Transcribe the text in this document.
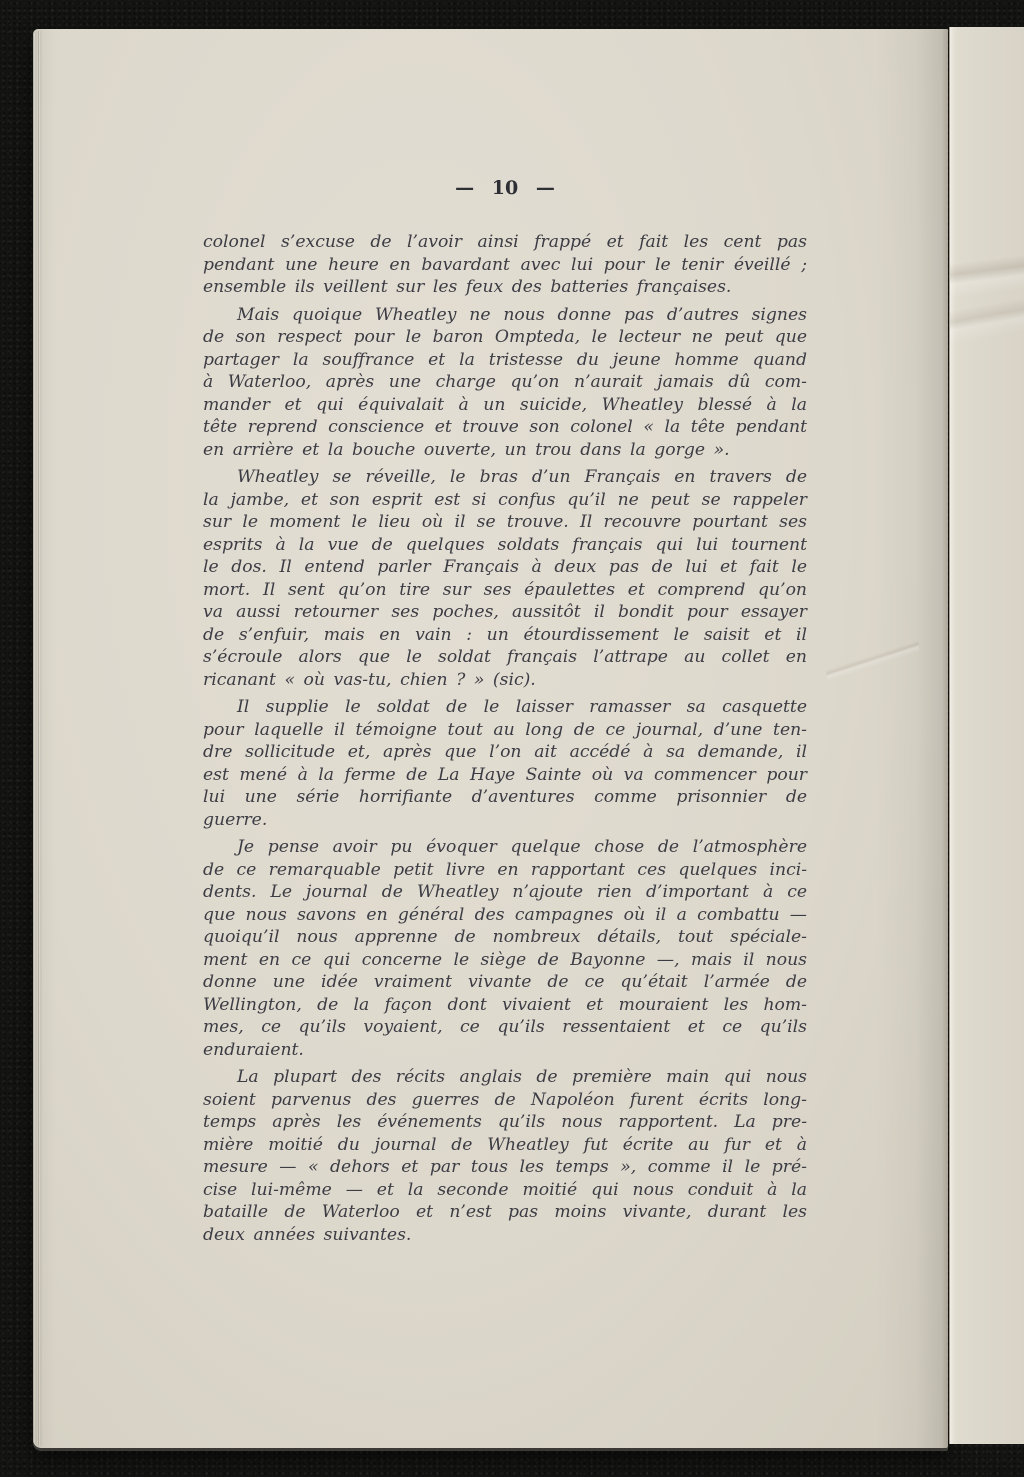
— 10 —
colonel s’excuse de l’avoir ainsi frappé et fait les cent pas
pendant une heure en bavardant avec lui pour le tenir éveillé ;
ensemble ils veillent sur les feux des batteries françaises.
Mais quoique Wheatley ne nous donne pas d’autres signes
de son respect pour le baron Ompteda, le lecteur ne peut que
partager la souffrance et la tristesse du jeune homme quand
à Waterloo, après une charge qu’on n’aurait jamais dû com-
mander et qui équivalait à un suicide, Wheatley blessé à la
tête reprend conscience et trouve son colonel « la tête pendant
en arrière et la bouche ouverte, un trou dans la gorge ».
Wheatley se réveille, le bras d’un Français en travers de
la jambe, et son esprit est si confus qu’il ne peut se rappeler
sur le moment le lieu où il se trouve. Il recouvre pourtant ses
esprits à la vue de quelques soldats français qui lui tournent
le dos. Il entend parler Français à deux pas de lui et fait le
mort. Il sent qu’on tire sur ses épaulettes et comprend qu’on
va aussi retourner ses poches, aussitôt il bondit pour essayer
de s’enfuir, mais en vain : un étourdissement le saisit et il
s’écroule alors que le soldat français l’attrape au collet en
ricanant « où vas-tu, chien ? » (sic).
Il supplie le soldat de le laisser ramasser sa casquette
pour laquelle il témoigne tout au long de ce journal, d’une ten-
dre sollicitude et, après que l’on ait accédé à sa demande, il
est mené à la ferme de La Haye Sainte où va commencer pour
lui une série horrifiante d’aventures comme prisonnier de
guerre.
Je pense avoir pu évoquer quelque chose de l’atmosphère
de ce remarquable petit livre en rapportant ces quelques inci-
dents. Le journal de Wheatley n’ajoute rien d’important à ce
que nous savons en général des campagnes où il a combattu —
quoiqu’il nous apprenne de nombreux détails, tout spéciale-
ment en ce qui concerne le siège de Bayonne —, mais il nous
donne une idée vraiment vivante de ce qu’était l’armée de
Wellington, de la façon dont vivaient et mouraient les hom-
mes, ce qu’ils voyaient, ce qu’ils ressentaient et ce qu’ils
enduraient.
La plupart des récits anglais de première main qui nous
soient parvenus des guerres de Napoléon furent écrits long-
temps après les événements qu’ils nous rapportent. La pre-
mière moitié du journal de Wheatley fut écrite au fur et à
mesure — « dehors et par tous les temps », comme il le pré-
cise lui-même — et la seconde moitié qui nous conduit à la
bataille de Waterloo et n’est pas moins vivante, durant les
deux années suivantes.
